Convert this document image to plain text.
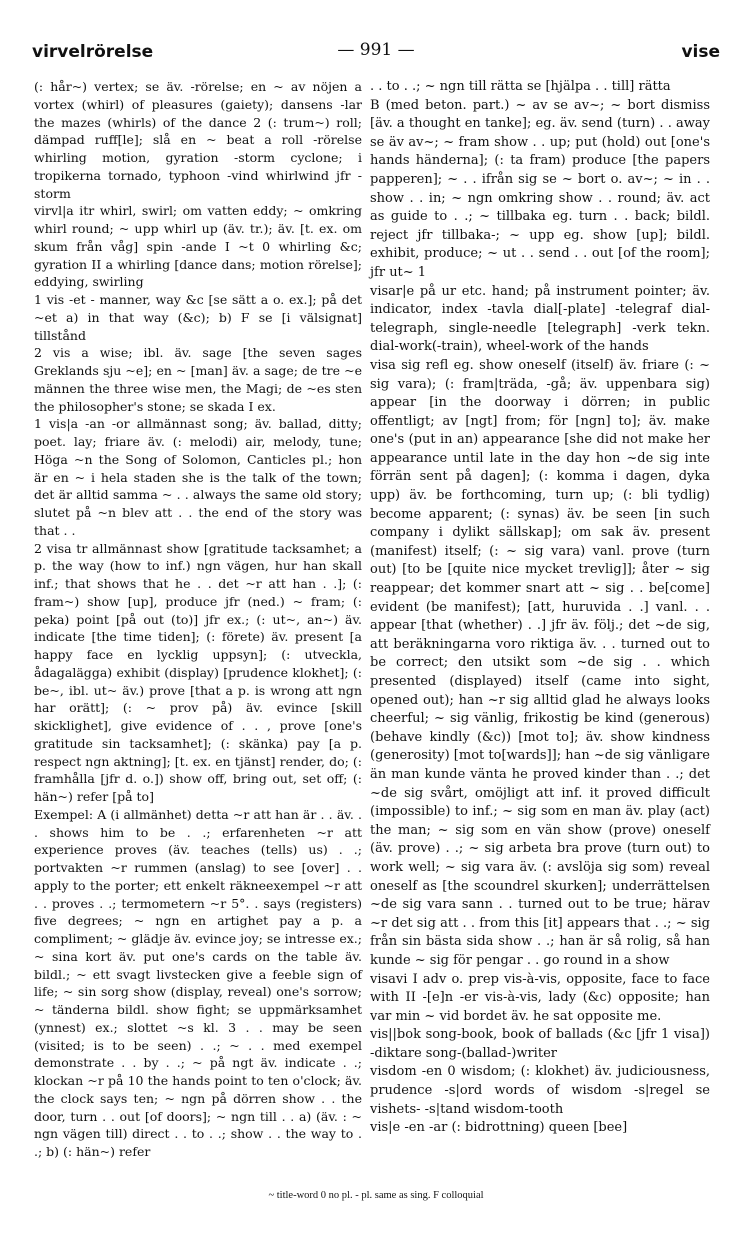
virvelrörelse	— 991 —	vise

(: hår~) vertex; se äv. -rörelse; en ~ av nöjen a vortex (whirl) of pleasures (gaiety); dansens -lar the mazes (whirls) of the dance 2 (: trum~) roll; dämpad ruff[le]; slå en ~ beat a roll -rörelse whirling motion, gyration -storm cyclone; i tropikerna tornado, typhoon -vind whirlwind jfr -storm

virvl|a itr whirl, swirl; om vatten eddy; ~ omkring whirl round; ~ upp whirl up (äv. tr.); äv. [t. ex. om skum från våg] spin -ande I ~t 0 whirling &c; gyration II a whirling [dance dans; motion rörelse]; eddying, swirling

1 vis -et - manner, way &c [se sätt a o. ex.]; på det ~et a) in that way (&c); b) F se [i välsignat] tillstånd

2 vis a wise; ibl. äv. sage [the seven sages Greklands sju ~e]; en ~ [man] äv. a sage; de tre ~e männen the three wise men, the Magi; de ~es sten the philosopher's stone; se skada I ex.

1 vis|a -an -or allmännast song; äv. ballad, ditty; poet. lay; friare äv. (: melodi) air, melody, tune; Höga ~n the Song of Solomon, Canticles pl.; hon är en ~ i hela staden she is the talk of the town; det är alltid samma ~ . . always the same old story; slutet på ~n blev att . . the end of the story was that . .

2 visa tr allmännast show [gratitude tacksamhet; a p. the way (how to inf.) ngn vägen, hur han skall inf.; that shows that he . . det ~r att han . .]; (: fram~) show [up], produce jfr (ned.) ~ fram; (: peka) point [på out (to)] jfr ex.; (: ut~, an~) äv. indicate [the time tiden]; (: förete) äv. present [a happy face en lycklig uppsyn]; (: utveckla, ådagalägga) exhibit (display) [prudence klokhet]; (: be~, ibl. ut~ äv.) prove [that a p. is wrong att ngn har orätt]; (: ~ prov på) äv. evince [skill skicklighet], give evidence of . . , prove [one's gratitude sin tacksamhet]; (: skänka) pay [a p. respect ngn aktning]; [t. ex. en tjänst] render, do; (: framhålla [jfr d. o.]) show off, bring out, set off; (: hän~) refer [på to]

Exempel: A (i allmänhet) detta ~r att han är . . äv. . . shows him to be . .; erfarenheten ~r att experience proves (äv. teaches (tells) us) . .; portvakten ~r rummen (anslag) to see [over] . . apply to the porter; ett enkelt räkneexempel ~r att . . proves . .; termometern ~r 5°. . says (registers) five degrees; ~ ngn en artighet pay a p. a compliment; ~ glädje äv. evince joy; se intresse ex.; ~ sina kort äv. put one's cards on the table äv. bildl.; ~ ett svagt livstecken give a feeble sign of life; ~ sin sorg show (display, reveal) one's sorrow; ~ tänderna bildl. show fight; se uppmärksamhet (ynnest) ex.; slottet ~s kl. 3 . . may be seen (visited; is to be seen) . .; ~ . . med exempel demonstrate . . by . .; ~ på ngt äv. indicate . .; klockan ~r på 10 the hands point to ten o'clock; äv. the clock says ten; ~ ngn på dörren show . . the door, turn . . out [of doors]; ~ ngn till . . a) (äv. : ~ ngn vägen till) direct . . to . .; show . . the way to . .; b) (: hän~) refer

. . to . .; ~ ngn till rätta se [hjälpa . . till] rätta

B (med beton. part.) ~ av se av~; ~ bort dismiss [äv. a thought en tanke]; eg. äv. send (turn) . . away se äv av~; ~ fram show . . up; put (hold) out [one's hands händerna]; (: ta fram) produce [the papers papperen]; ~ . . ifrån sig se ~ bort o. av~; ~ in . . show . . in; ~ ngn omkring show . . round; äv. act as guide to . .; ~ tillbaka eg. turn . . back; bildl. reject jfr tillbaka-; ~ upp eg. show [up]; bildl. exhibit, produce; ~ ut . . send . . out [of the room]; jfr ut~ 1

visar|e på ur etc. hand; på instrument pointer; äv. indicator, index -tavla dial[-plate] -telegraf dial-telegraph, single-needle [telegraph] -verk tekn. dial-work(-train), wheel-work of the hands

visa sig refl eg. show oneself (itself) äv. friare (: ~ sig vara); (: fram|träda, -gå; äv. uppenbara sig) appear [in the doorway i dörren; in public offentligt; av [ngt] from; för [ngn] to]; äv. make one's (put in an) appearance [she did not make her appearance until late in the day hon ~de sig inte förrän sent på dagen]; (: komma i dagen, dyka upp) äv. be forthcoming, turn up; (: bli tydlig) become apparent; (: synas) äv. be seen [in such company i dylikt sällskap]; om sak äv. present (manifest) itself; (: ~ sig vara) vanl. prove (turn out) [to be [quite nice mycket trevlig]]; åter ~ sig reappear; det kommer snart att ~ sig . . be[come] evident (be manifest); [att, huruvida . .] vanl. . . appear [that (whether) . .] jfr äv. följ.; det ~de sig, att beräkningarna voro riktiga äv. . . turned out to be correct; den utsikt som ~de sig . . which presented (displayed) itself (came into sight, opened out); han ~r sig alltid glad he always looks cheerful; ~ sig vänlig, frikostig be kind (generous) (behave kindly (&c)) [mot to]; äv. show kindness (generosity) [mot to[wards]]; han ~de sig vänligare än man kunde vänta he proved kinder than . .; det ~de sig svårt, omöjligt att inf. it proved difficult (impossible) to inf.; ~ sig som en man äv. play (act) the man; ~ sig som en vän show (prove) oneself (äv. prove) . .; ~ sig arbeta bra prove (turn out) to work well; ~ sig vara äv. (: avslöja sig som) reveal oneself as [the scoundrel skurken]; underrättelsen ~de sig vara sann . . turned out to be true; härav ~r det sig att . . from this [it] appears that . .; ~ sig från sin bästa sida show . .; han är så rolig, så han kunde ~ sig för pengar . . go round in a show

visavi I adv o. prep vis-à-vis, opposite, face to face with II -[e]n -er vis-à-vis, lady (&c) opposite; han var min ~ vid bordet äv. he sat opposite me.

vis||bok song-book, book of ballads (&c [jfr 1 visa]) -diktare song-(ballad-)writer

visdom -en 0 wisdom; (: klokhet) äv. judiciousness, prudence -s|ord words of wisdom -s|regel se vishets- -s|tand wisdom-tooth

vis|e -en -ar (: bidrottning) queen [bee]

~ title-word 0 no pl. - pl. same as sing. F colloquial
